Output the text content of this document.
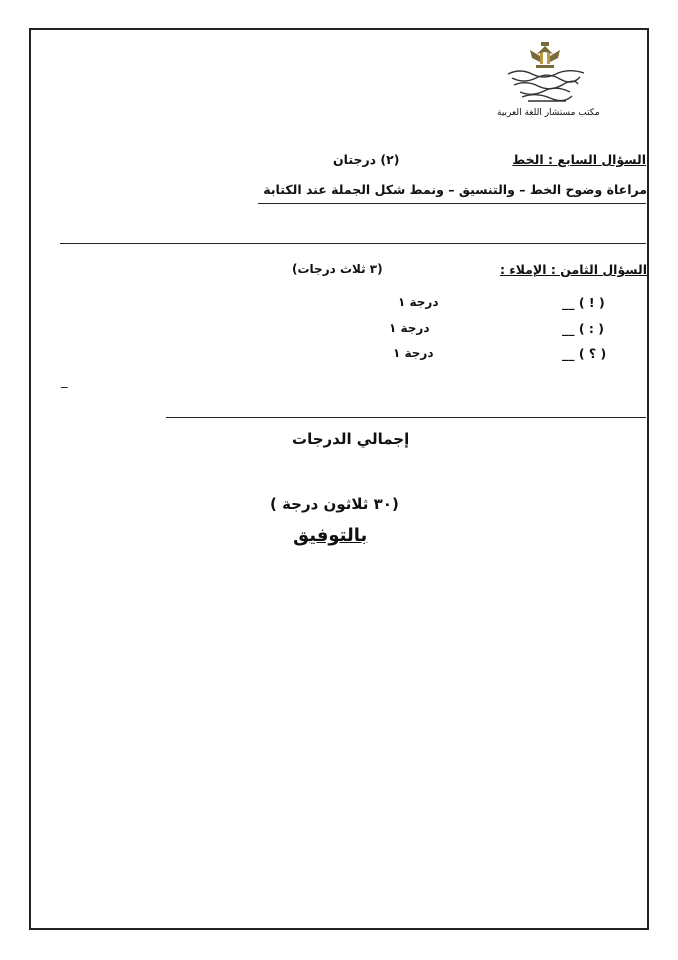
مكتب مستشار اللغة العربية
السؤال السابع : الخط
(٢) درجتان
مراعاة وضوح الخط – والتنسيق – ونمط شكل الجملة عند الكتابة
السؤال الثامن : الإملاء :
(٣ ثلاث درجات)
__ ( ! )
درجة ١
__ ( : )
درجة ١
__ ( ؟ )
درجة ١
_
إجمالي الدرجات
(٣٠ ثلاثون درجة )
بالتوفيق
